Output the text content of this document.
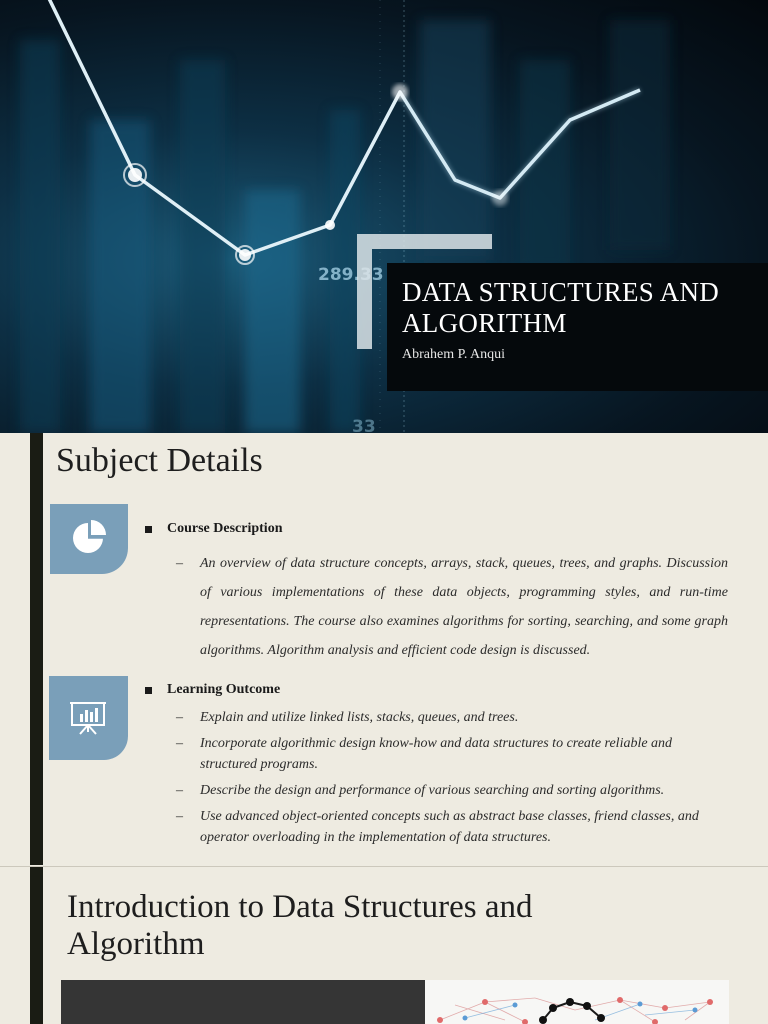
289.33
33
DATA STRUCTURES AND ALGORITHM
Abrahem P. Anqui
Subject Details
Course Description
–	An overview of data structure concepts, arrays, stack, queues, trees, and graphs. Discussion of various implementations of these data objects, programming styles, and run-time representations. The course also examines algorithms for sorting, searching, and some graph algorithms. Algorithm analysis and efficient code design is discussed.
Learning Outcome
– Explain and utilize linked lists, stacks, queues, and trees.
– Incorporate algorithmic design know-how and data structures to create reliable and structured programs.
– Describe the design and performance of various searching and sorting algorithms.
– Use advanced object-oriented concepts such as abstract base classes, friend classes, and operator overloading in the implementation of data structures.
Introduction to Data Structures and Algorithm
